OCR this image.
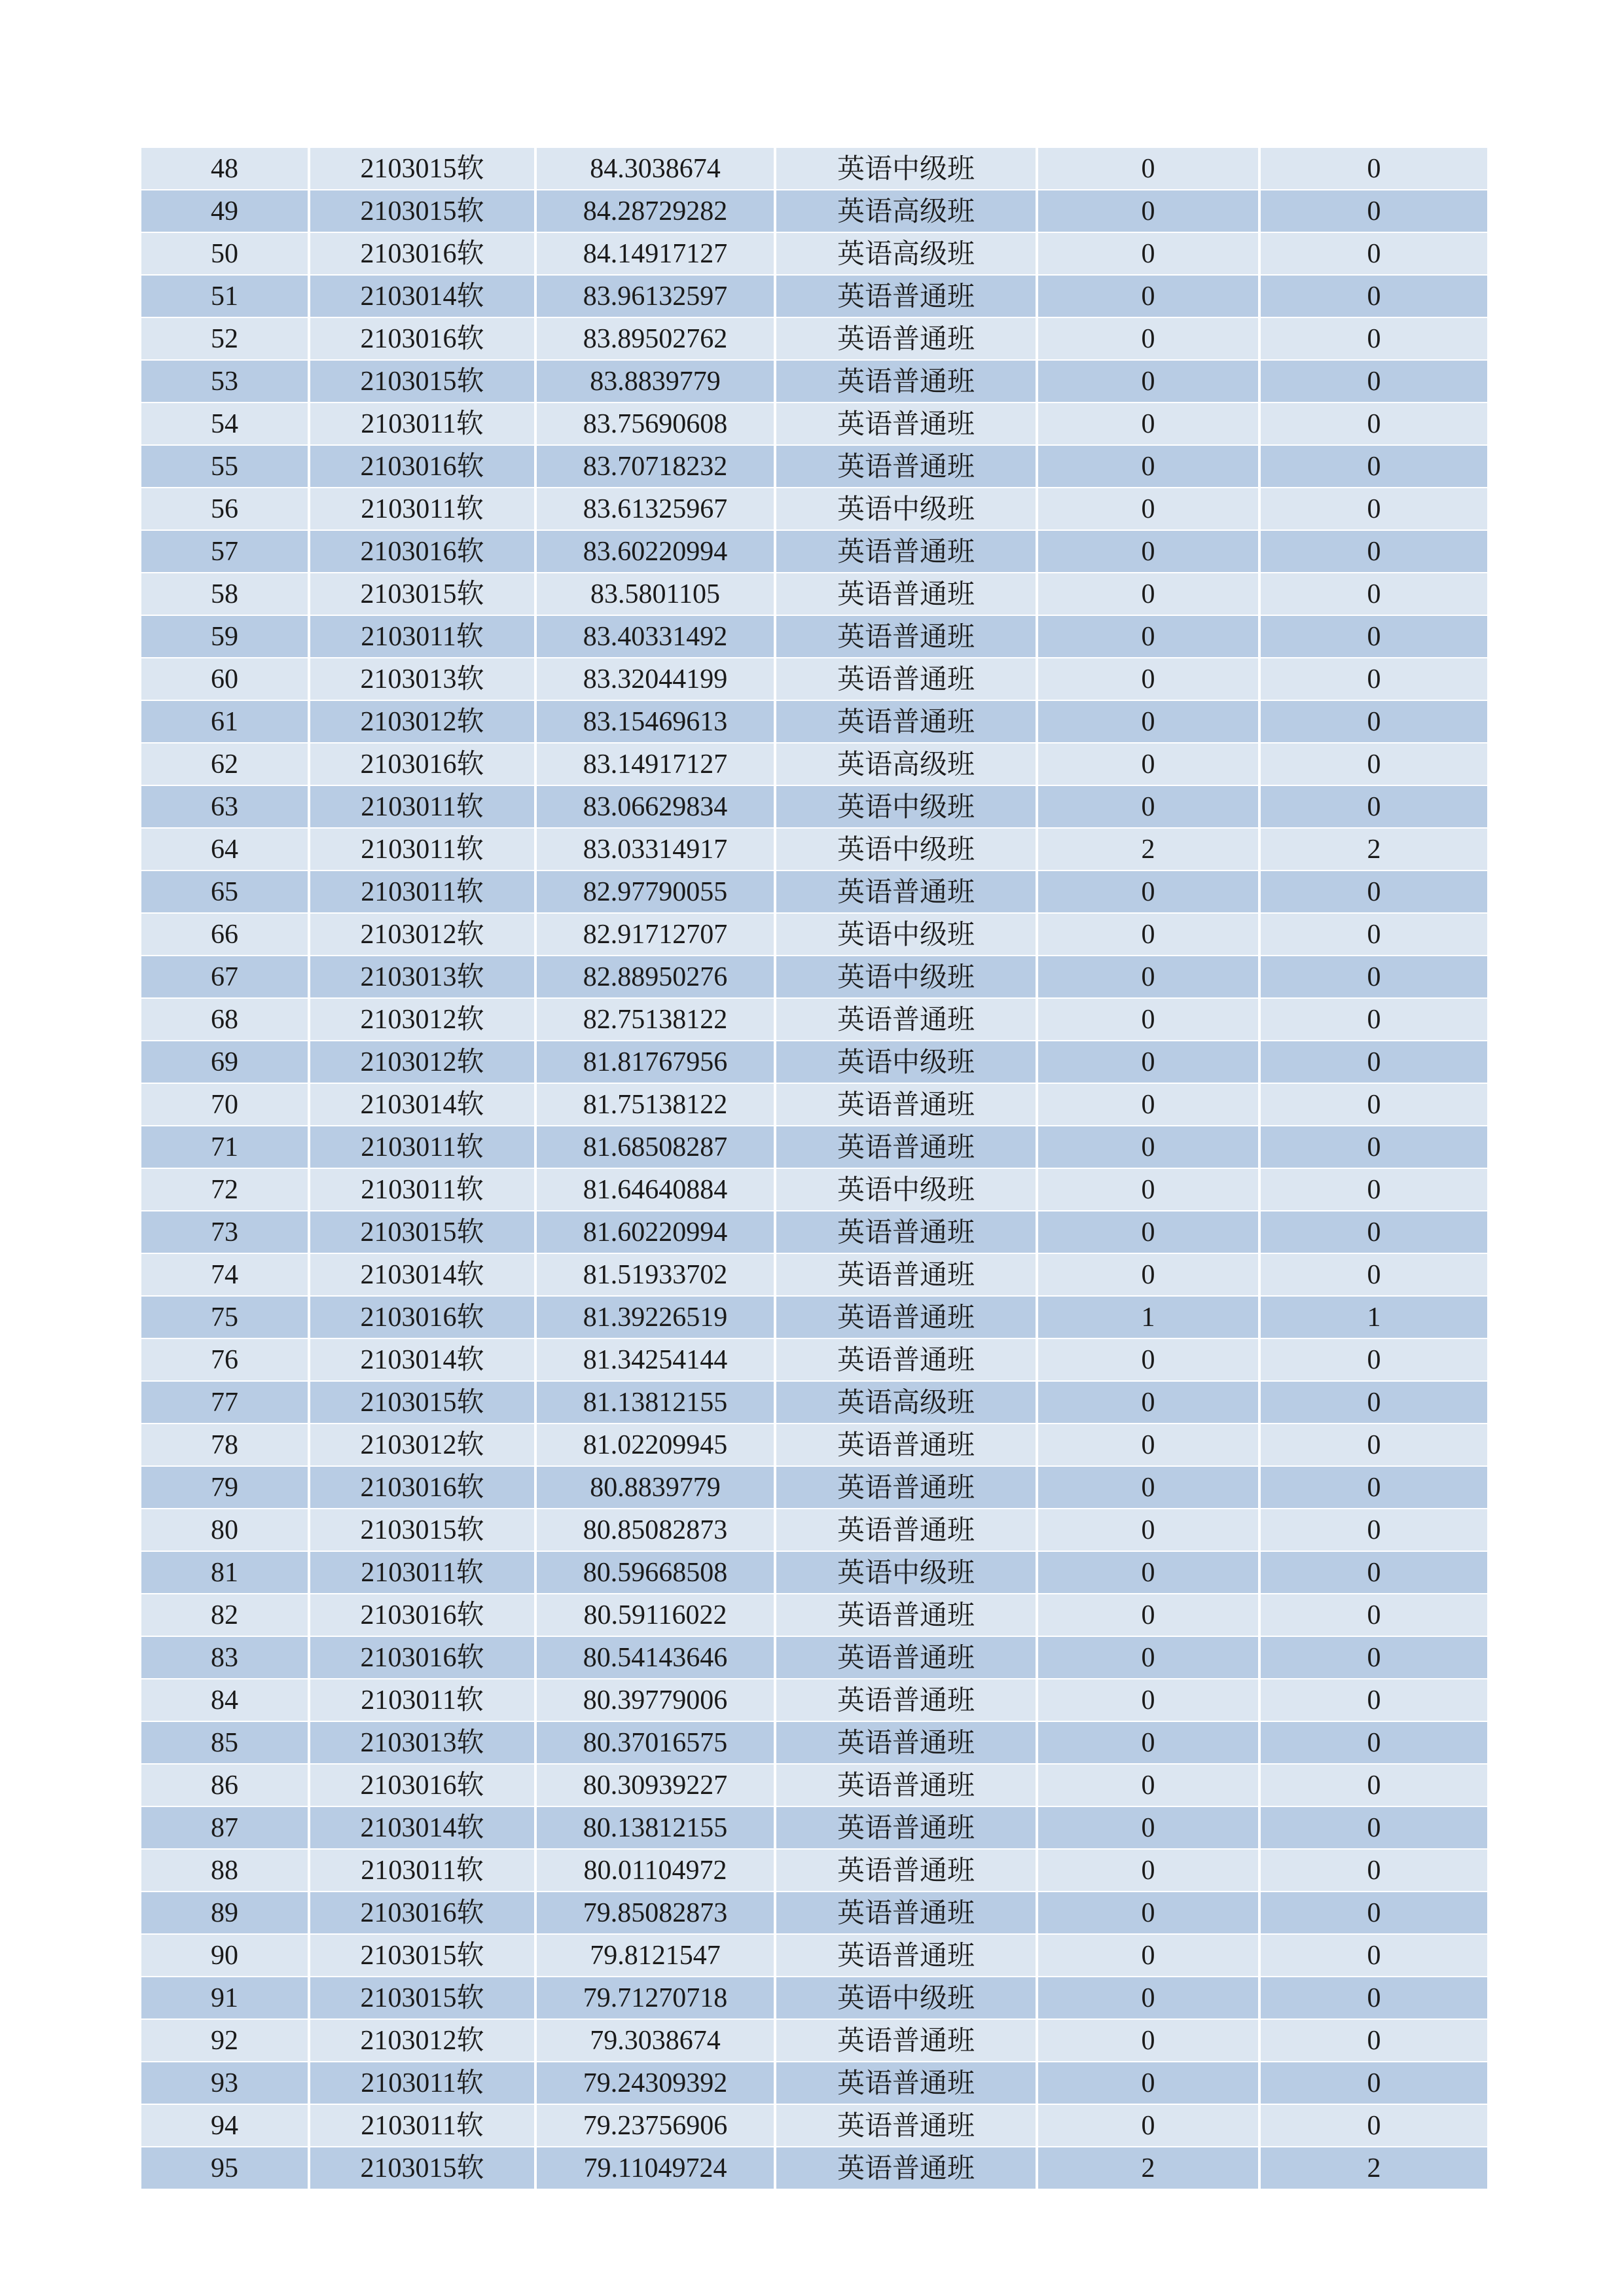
48	2103015软	84.3038674	英语中级班	0	0
49	2103015软	84.28729282	英语高级班	0	0
50	2103016软	84.14917127	英语高级班	0	0
51	2103014软	83.96132597	英语普通班	0	0
52	2103016软	83.89502762	英语普通班	0	0
53	2103015软	83.8839779	英语普通班	0	0
54	2103011软	83.75690608	英语普通班	0	0
55	2103016软	83.70718232	英语普通班	0	0
56	2103011软	83.61325967	英语中级班	0	0
57	2103016软	83.60220994	英语普通班	0	0
58	2103015软	83.5801105	英语普通班	0	0
59	2103011软	83.40331492	英语普通班	0	0
60	2103013软	83.32044199	英语普通班	0	0
61	2103012软	83.15469613	英语普通班	0	0
62	2103016软	83.14917127	英语高级班	0	0
63	2103011软	83.06629834	英语中级班	0	0
64	2103011软	83.03314917	英语中级班	2	2
65	2103011软	82.97790055	英语普通班	0	0
66	2103012软	82.91712707	英语中级班	0	0
67	2103013软	82.88950276	英语中级班	0	0
68	2103012软	82.75138122	英语普通班	0	0
69	2103012软	81.81767956	英语中级班	0	0
70	2103014软	81.75138122	英语普通班	0	0
71	2103011软	81.68508287	英语普通班	0	0
72	2103011软	81.64640884	英语中级班	0	0
73	2103015软	81.60220994	英语普通班	0	0
74	2103014软	81.51933702	英语普通班	0	0
75	2103016软	81.39226519	英语普通班	1	1
76	2103014软	81.34254144	英语普通班	0	0
77	2103015软	81.13812155	英语高级班	0	0
78	2103012软	81.02209945	英语普通班	0	0
79	2103016软	80.8839779	英语普通班	0	0
80	2103015软	80.85082873	英语普通班	0	0
81	2103011软	80.59668508	英语中级班	0	0
82	2103016软	80.59116022	英语普通班	0	0
83	2103016软	80.54143646	英语普通班	0	0
84	2103011软	80.39779006	英语普通班	0	0
85	2103013软	80.37016575	英语普通班	0	0
86	2103016软	80.30939227	英语普通班	0	0
87	2103014软	80.13812155	英语普通班	0	0
88	2103011软	80.01104972	英语普通班	0	0
89	2103016软	79.85082873	英语普通班	0	0
90	2103015软	79.8121547	英语普通班	0	0
91	2103015软	79.71270718	英语中级班	0	0
92	2103012软	79.3038674	英语普通班	0	0
93	2103011软	79.24309392	英语普通班	0	0
94	2103011软	79.23756906	英语普通班	0	0
95	2103015软	79.11049724	英语普通班	2	2
